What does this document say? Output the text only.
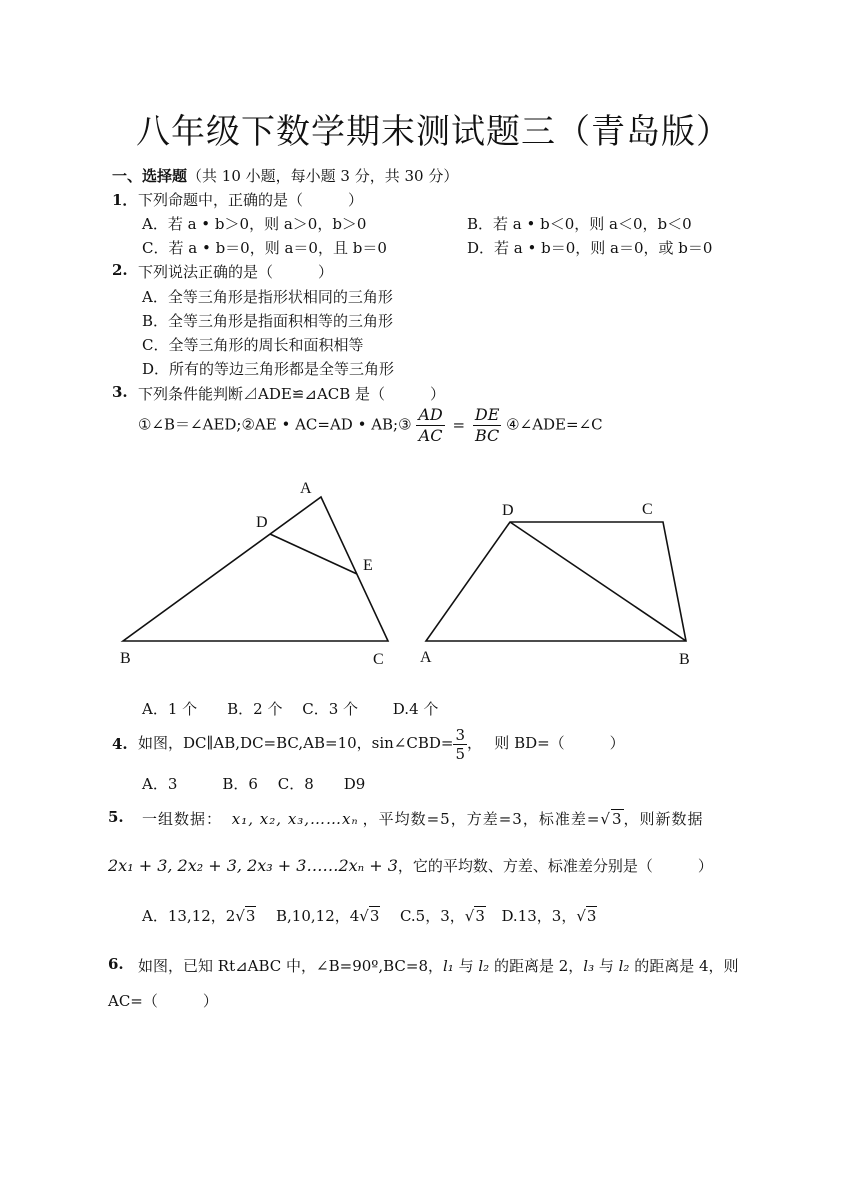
八年级下数学期末测试题三（青岛版）
一、选择题（共 10 小题，每小题 3 分，共 30 分）
1． 下列命题中，正确的是（　　　）
A．若 a • b＞0，则 a＞0，b＞0	B．若 a • b＜0，则 a＜0，b＜0
C．若 a • b＝0，则 a＝0，且 b＝0	D．若 a • b＝0，则 a＝0，或 b＝0
2. 下列说法正确的是（　　　）
A．全等三角形是指形状相同的三角形
B．全等三角形是指面积相等的三角形
C．全等三角形的周长和面积相等
D．所有的等边三角形都是全等三角形
3. 下列条件能判断⊿ADE≌⊿ACB 是（　　　）
①∠B＝∠AED;②AE • AC=AD • AB;③ $\frac{AD}{AC} = \frac{DE}{BC}$ ④∠ADE=∠C
A
D
E
B	C
D	C
A	B
A．1 个　　B．2 个　 C．3 个　　 D.4 个
4. 如图，DC∥AB,DC=BC,AB=10，sin∠CBD= $\frac{3}{5}$ ，　 则 BD=（　　　）
A．3　　　B．6　 C．8　　D9
5. 一组数据： x₁, x₂, x₃,……xₙ ，平均数=5，方差=3，标准差=√3，则新数据
2x₁ + 3, 2x₂ + 3, 2x₃ + 3……2xₙ + 3，它的平均数、方差、标准差分别是（　　　）
A．13,12，2√3 B,10,12，4√3 C.5，3，√3 D.13，3，√3
6. 如图，已知 Rt⊿ABC 中，∠B=90º,BC=8，l₁ 与 l₂ 的距离是 2，l₃ 与 l₂ 的距离是 4，则
AC=（　　　）
